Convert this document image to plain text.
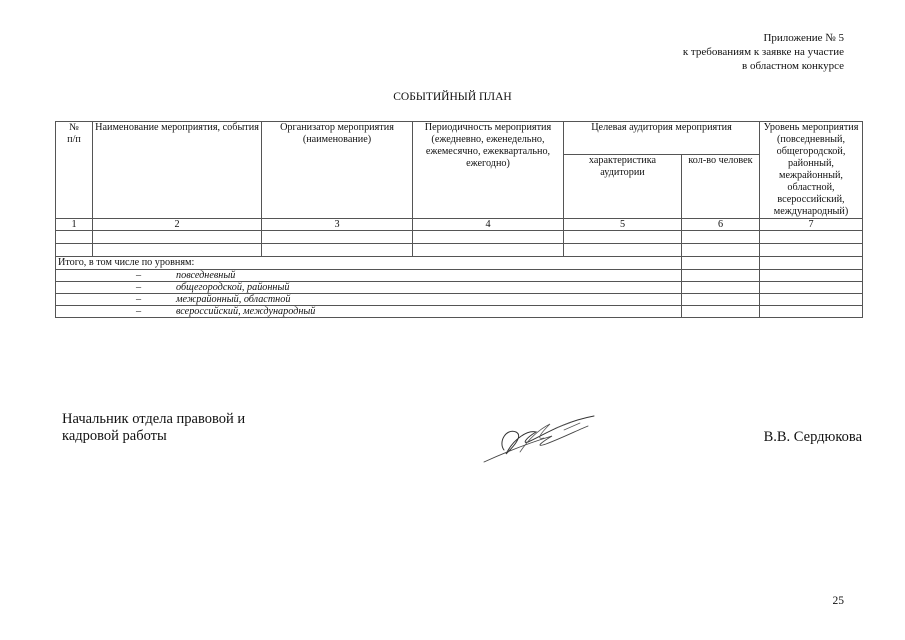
Приложение № 5
к требованиям к заявке на участие
в областном конкурсе
СОБЫТИЙНЫЙ ПЛАН
№
п/п	Наименование мероприятия, события	Организатор мероприятия (наименование)	Периодичность мероприятия (ежедневно, еженедельно, ежемесячно, ежеквартально, ежегодно)	Целевая аудитория мероприятия		Уровень мероприятия (повседневный, общегородской, районный, межрайонный, областной, всероссийский, международный)
				характеристика аудитории	кол-во человек	
1	2	3	4	5	6	7

Итого, в том числе по уровням:						
– повседневный						
– общегородской, районный						
– межрайонный, областной						
– всероссийский, международный						
Начальник отдела правовой и
кадровой работы	В.В. Сердюкова
25
